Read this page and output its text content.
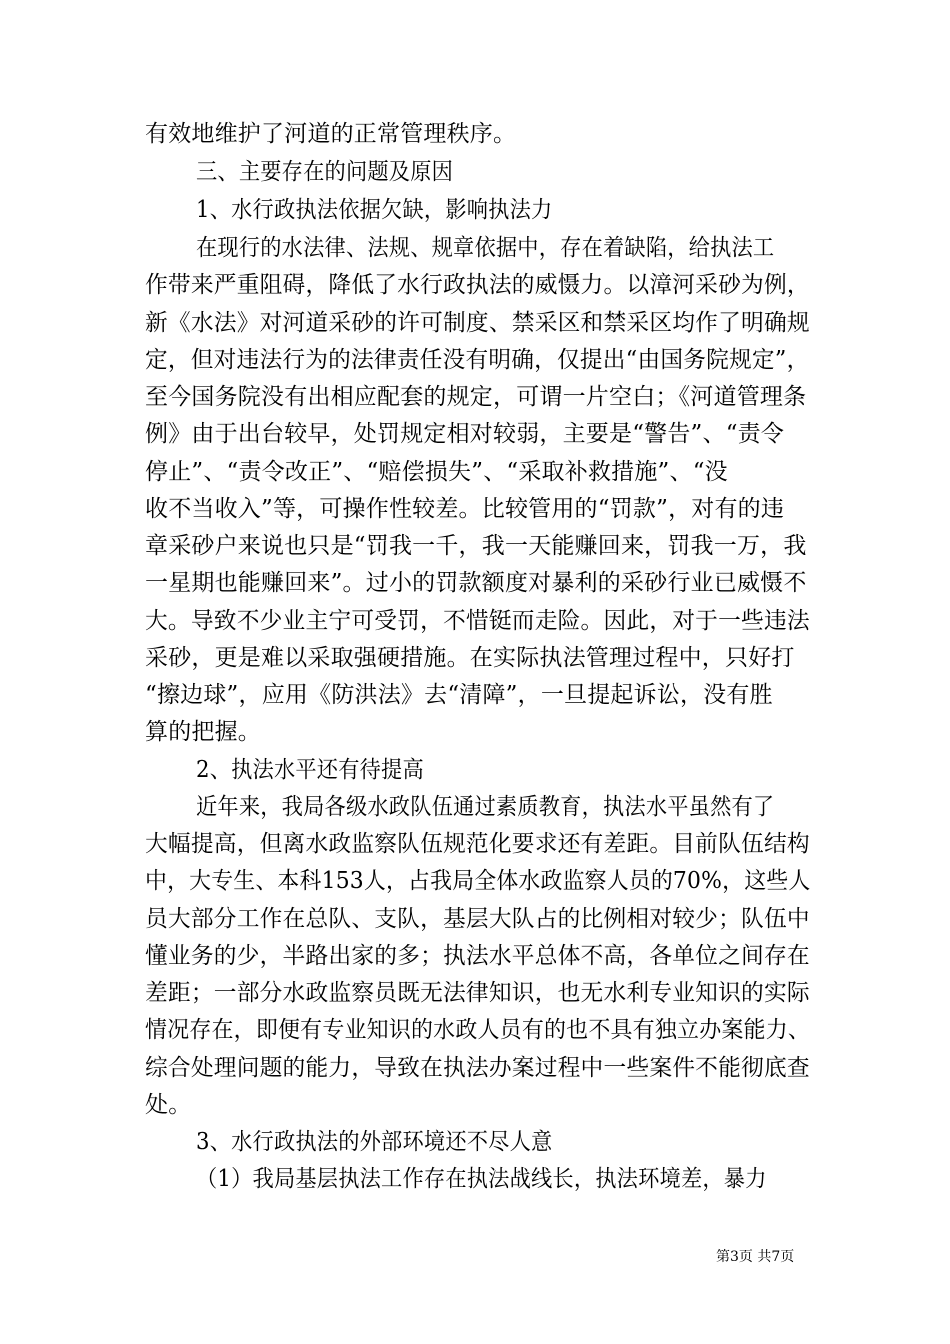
有效地维护了河道的正常管理秩序。
三、主要存在的问题及原因
1、水行政执法依据欠缺，影响执法力
在现行的水法律、法规、规章依据中，存在着缺陷，给执法工
作带来严重阻碍，降低了水行政执法的威慑力。以漳河采砂为例，
新《水法》对河道采砂的许可制度、禁采区和禁采区均作了明确规
定，但对违法行为的法律责任没有明确，仅提出“由国务院规定”，
至今国务院没有出相应配套的规定，可谓一片空白；《河道管理条
例》由于出台较早，处罚规定相对较弱，主要是“警告”、“责令
停止”、“责令改正”、“赔偿损失”、“采取补救措施”、“没
收不当收入”等，可操作性较差。比较管用的“罚款”，对有的违
章采砂户来说也只是“罚我一千，我一天能赚回来，罚我一万，我
一星期也能赚回来”。过小的罚款额度对暴利的采砂行业已威慑不
大。导致不少业主宁可受罚，不惜铤而走险。因此，对于一些违法
采砂，更是难以采取强硬措施。在实际执法管理过程中，只好打
“擦边球”，应用《防洪法》去“清障”，一旦提起诉讼，没有胜
算的把握。
2、执法水平还有待提高
近年来，我局各级水政队伍通过素质教育，执法水平虽然有了
大幅提高，但离水政监察队伍规范化要求还有差距。目前队伍结构
中，大专生、本科153人，占我局全体水政监察人员的70%，这些人
员大部分工作在总队、支队，基层大队占的比例相对较少；队伍中
懂业务的少，半路出家的多；执法水平总体不高，各单位之间存在
差距；一部分水政监察员既无法律知识，也无水利专业知识的实际
情况存在，即便有专业知识的水政人员有的也不具有独立办案能力、
综合处理问题的能力，导致在执法办案过程中一些案件不能彻底查
处。
3、水行政执法的外部环境还不尽人意
（1）我局基层执法工作存在执法战线长，执法环境差，暴力
第3页 共7页
